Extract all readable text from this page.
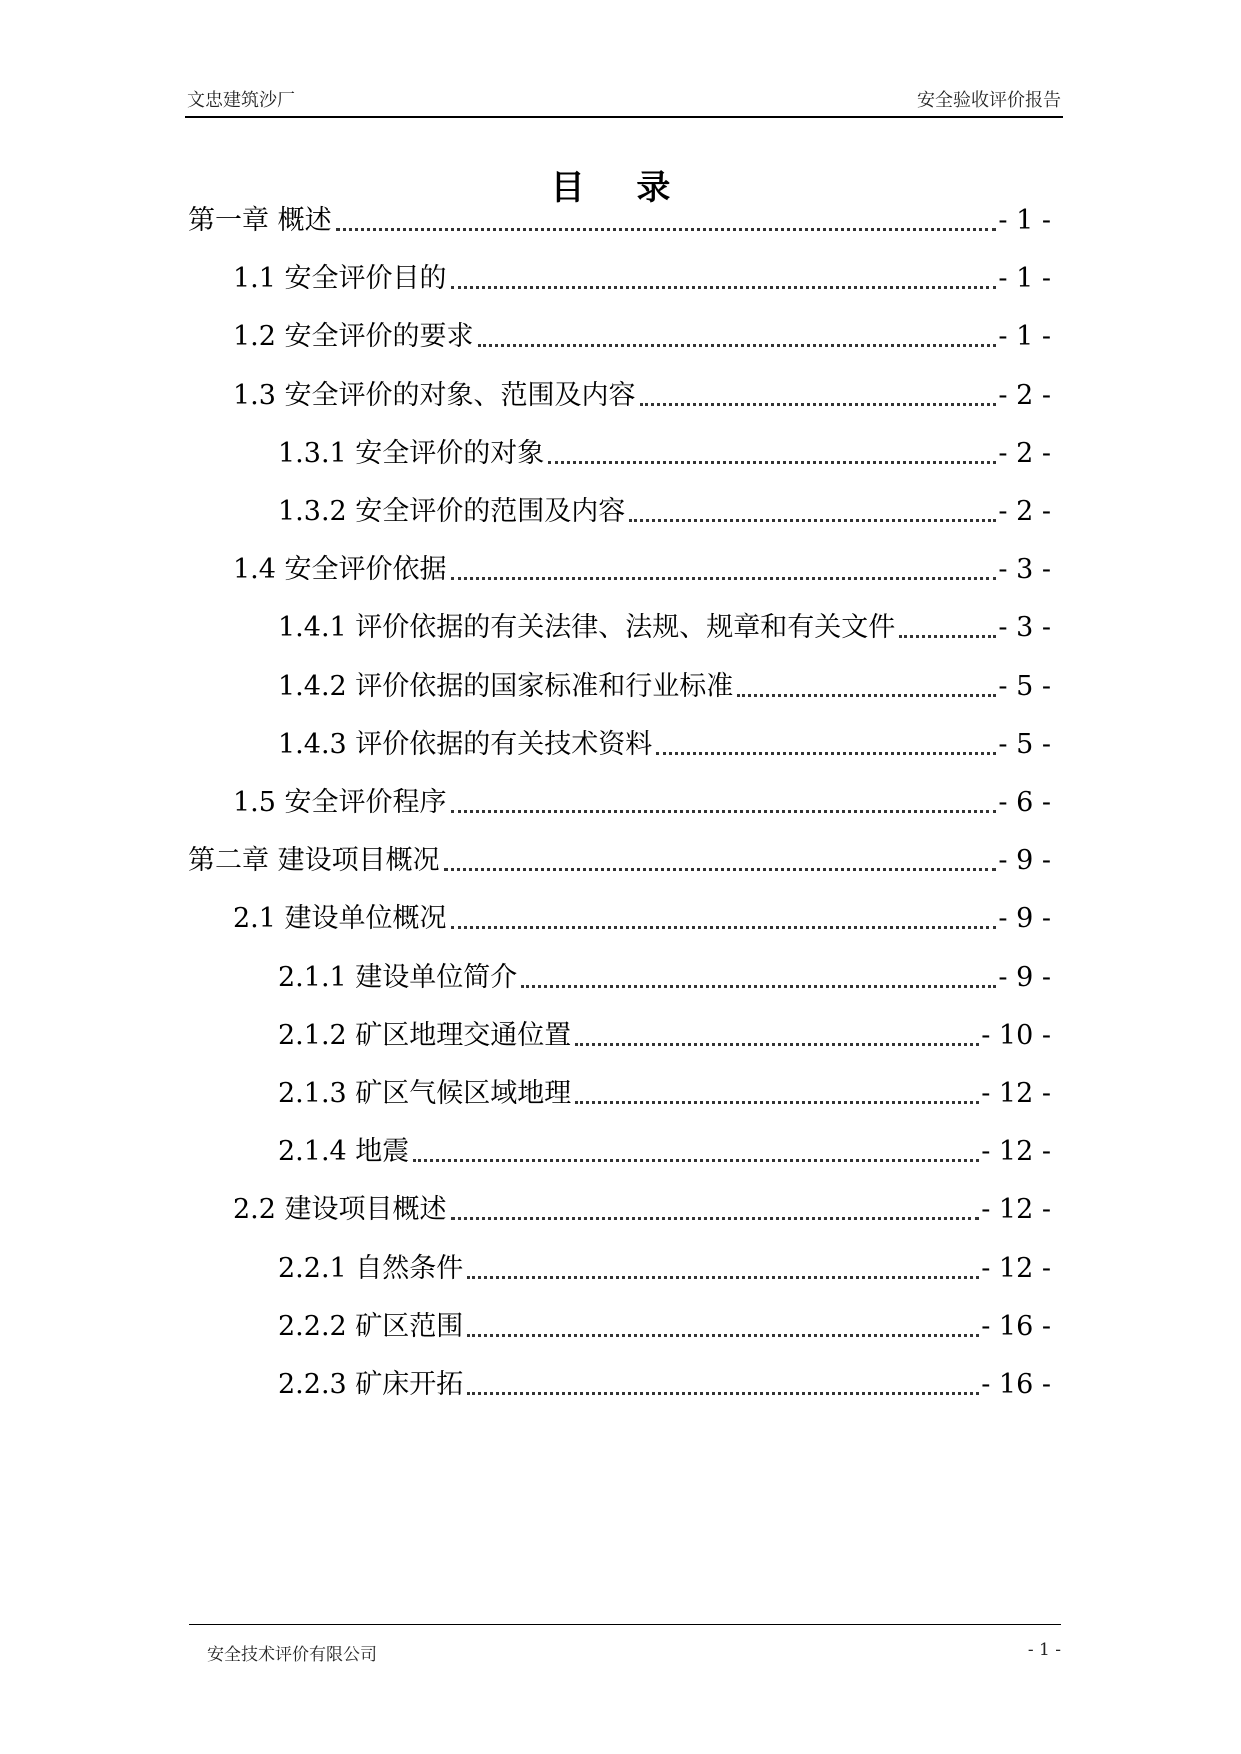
文忠建筑沙厂	安全验收评价报告
目 录
第一章 概述	- 1 -
1.1 安全评价目的	- 1 -
1.2 安全评价的要求	- 1 -
1.3 安全评价的对象、范围及内容	- 2 -
1.3.1 安全评价的对象	- 2 -
1.3.2 安全评价的范围及内容	- 2 -
1.4 安全评价依据	- 3 -
1.4.1 评价依据的有关法律、法规、规章和有关文件	- 3 -
1.4.2 评价依据的国家标准和行业标准	- 5 -
1.4.3 评价依据的有关技术资料	- 5 -
1.5 安全评价程序	- 6 -
第二章 建设项目概况	- 9 -
2.1 建设单位概况	- 9 -
2.1.1 建设单位简介	- 9 -
2.1.2 矿区地理交通位置	- 10 -
2.1.3 矿区气候区域地理	- 12 -
2.1.4 地震	- 12 -
2.2 建设项目概述	- 12 -
2.2.1 自然条件	- 12 -
2.2.2 矿区范围	- 16 -
2.2.3 矿床开拓	- 16 -
安全技术评价有限公司	- 1 -
